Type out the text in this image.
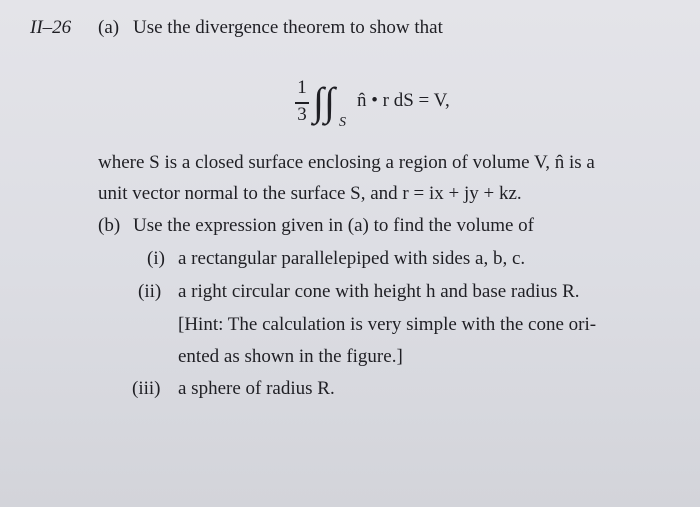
II–26 (a) Use the divergence theorem to show that
1
3 ∫∫ S
n̂ • r dS = V,
where S is a closed surface enclosing a region of volume V, n̂ is a
unit vector normal to the surface S, and r = ix + jy + kz.
(b) Use the expression given in (a) to find the volume of
(i) a rectangular parallelepiped with sides a, b, c.
(ii) a right circular cone with height h and base radius R.
[Hint: The calculation is very simple with the cone ori-
ented as shown in the figure.]
(iii) a sphere of radius R.
